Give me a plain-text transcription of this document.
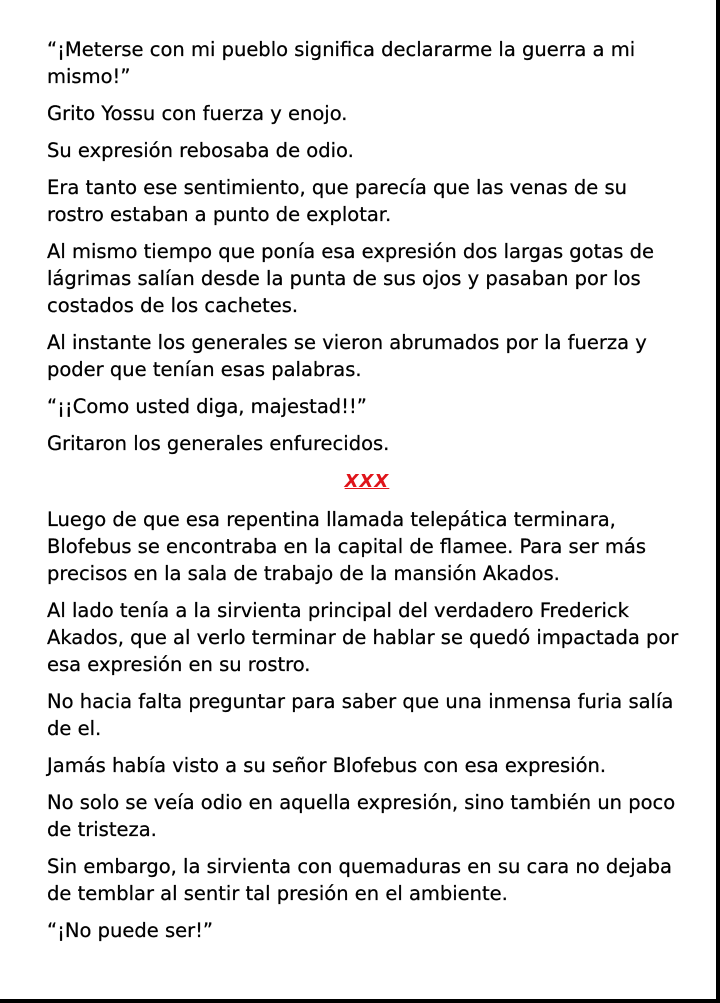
“¡Meterse con mi pueblo significa declararme la guerra a mi mismo!”

Grito Yossu con fuerza y enojo.

Su expresión rebosaba de odio.

Era tanto ese sentimiento, que parecía que las venas de su rostro estaban a punto de explotar.

Al mismo tiempo que ponía esa expresión dos largas gotas de lágrimas salían desde la punta de sus ojos y pasaban por los costados de los cachetes.

Al instante los generales se vieron abrumados por la fuerza y poder que tenían esas palabras.

“¡¡Como usted diga, majestad!!”

Gritaron los generales enfurecidos.

XXX

Luego de que esa repentina llamada telepática terminara, Blofebus se encontraba en la capital de flamee. Para ser más precisos en la sala de trabajo de la mansión Akados.

Al lado tenía a la sirvienta principal del verdadero Frederick Akados, que al verlo terminar de hablar se quedó impactada por esa expresión en su rostro.

No hacia falta preguntar para saber que una inmensa furia salía de el.

Jamás había visto a su señor Blofebus con esa expresión.

No solo se veía odio en aquella expresión, sino también un poco de tristeza.

Sin embargo, la sirvienta con quemaduras en su cara no dejaba de temblar al sentir tal presión en el ambiente.

“¡No puede ser!”
